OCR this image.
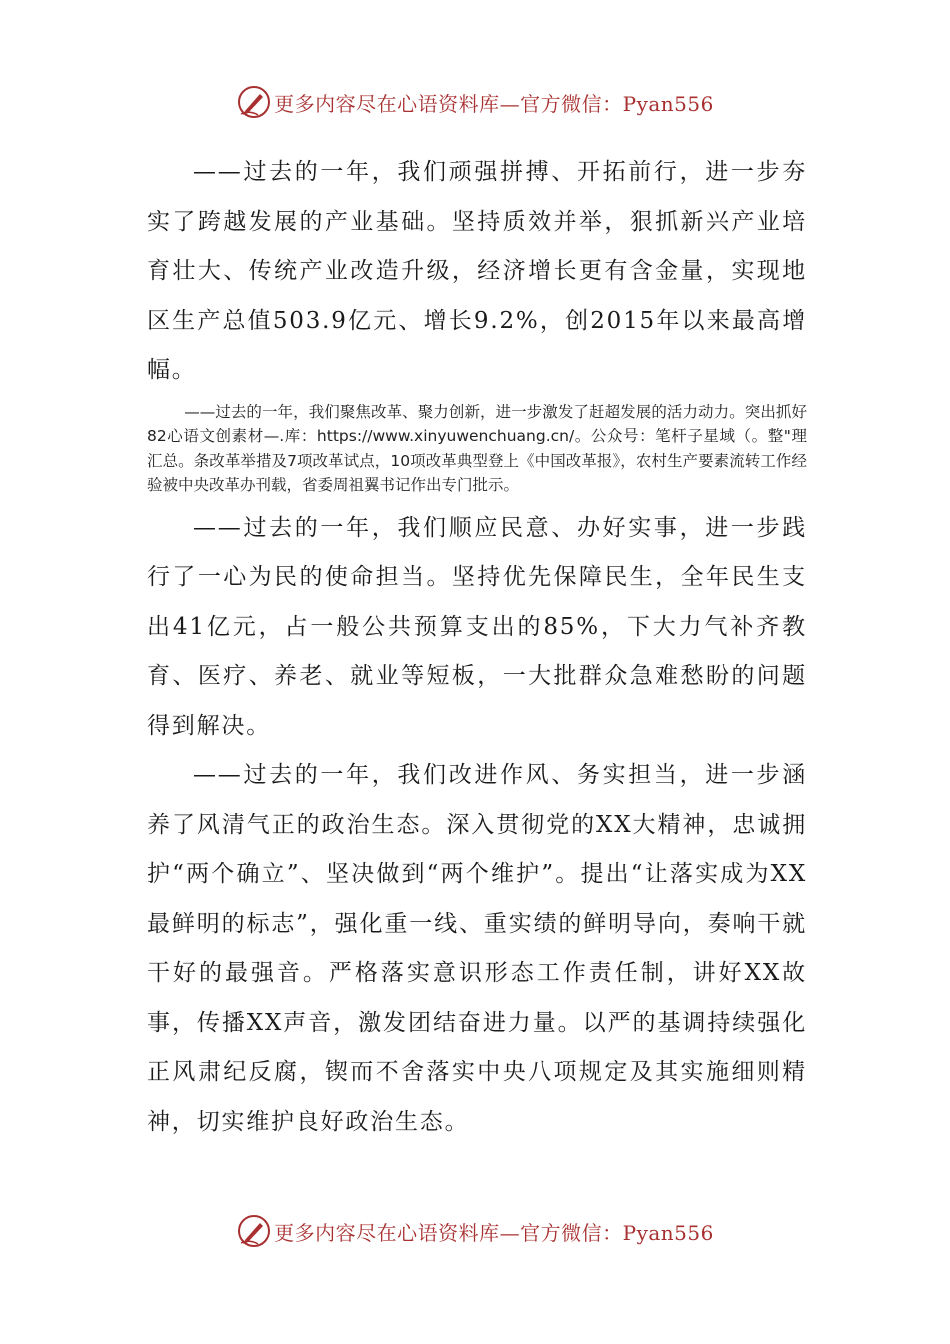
更多内容尽在心语资料库—官方微信：Pyan556

——过去的一年，我们顽强拼搏、开拓前行，进一步夯实了跨越发展的产业基础。坚持质效并举，狠抓新兴产业培育壮大、传统产业改造升级，经济增长更有含金量，实现地区生产总值503.9亿元、增长9.2%，创2015年以来最高增幅。

——过去的一年，我们聚焦改革、聚力创新，进一步激发了赶超发展的活力动力。突出抓好82心语文创素材—.库：https://www.xinyuwenchuang.cn/。公众号：笔杆子星域（。整"理汇总。条改革举措及7项改革试点，10项改革典型登上《中国改革报》，农村生产要素流转工作经验被中央改革办刊载，省委周祖翼书记作出专门批示。

——过去的一年，我们顺应民意、办好实事，进一步践行了一心为民的使命担当。坚持优先保障民生，全年民生支出41亿元，占一般公共预算支出的85%，下大力气补齐教育、医疗、养老、就业等短板，一大批群众急难愁盼的问题得到解决。

——过去的一年，我们改进作风、务实担当，进一步涵养了风清气正的政治生态。深入贯彻党的XX大精神，忠诚拥护“两个确立”、坚决做到“两个维护”。提出“让落实成为XX最鲜明的标志”，强化重一线、重实绩的鲜明导向，奏响干就干好的最强音。严格落实意识形态工作责任制，讲好XX故事，传播XX声音，激发团结奋进力量。以严的基调持续强化正风肃纪反腐，锲而不舍落实中央八项规定及其实施细则精神，切实维护良好政治生态。

更多内容尽在心语资料库—官方微信：Pyan556
